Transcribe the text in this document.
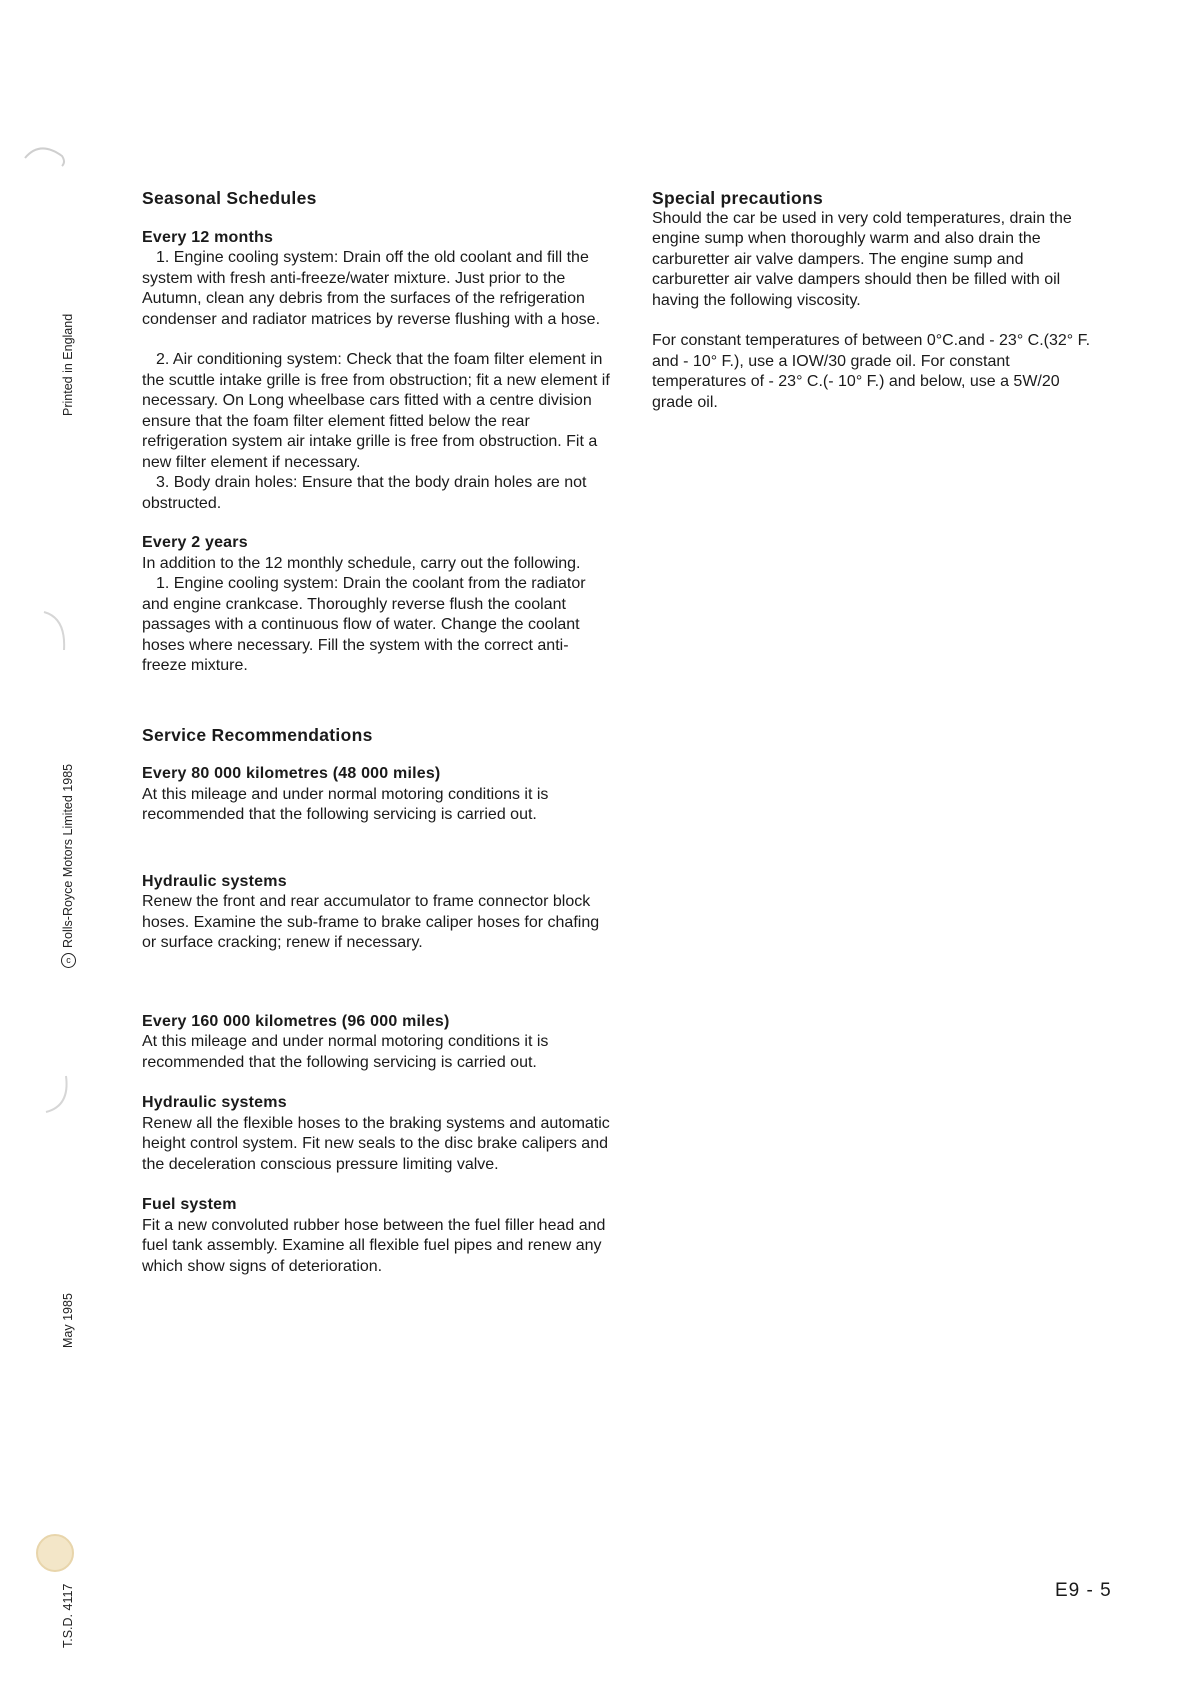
Printed in England
cRolls-Royce Motors Limited 1985
May 1985
T.S.D. 4117
Seasonal Schedules
Every 12 months

1. Engine cooling system: Drain off the old coolant and fill the system with fresh anti-freeze/water mixture. Just prior to the Autumn, clean any debris from the surfaces of the refrigeration condenser and radiator matrices by reverse flushing with a hose.

2. Air conditioning system: Check that the foam filter element in the scuttle intake grille is free from obstruction; fit a new element if necessary. On Long wheelbase cars fitted with a centre division ensure that the foam filter element fitted below the rear refrigeration system air intake grille is free from obstruction. Fit a new filter element if necessary.

3. Body drain holes: Ensure that the body drain holes are not obstructed.

Every 2 years

In addition to the 12 monthly schedule, carry out the following.

1. Engine cooling system: Drain the coolant from the radiator and engine crankcase. Thoroughly reverse flush the coolant passages with a continuous flow of water. Change the coolant hoses where necessary. Fill the system with the correct anti-freeze mixture.

Service Recommendations
Every 80 000 kilometres (48 000 miles)

At this mileage and under normal motoring conditions it is recommended that the following servicing is carried out.

Hydraulic systems

Renew the front and rear accumulator to frame connector block hoses. Examine the sub-frame to brake caliper hoses for chafing or surface cracking; renew if necessary.

Every 160 000 kilometres (96 000 miles)

At this mileage and under normal motoring conditions it is recommended that the following servicing is carried out.

Hydraulic systems

Renew all the flexible hoses to the braking systems and automatic height control system. Fit new seals to the disc brake calipers and the deceleration conscious pressure limiting valve.

Fuel system

Fit a new convoluted rubber hose between the fuel filler head and fuel tank assembly. Examine all flexible fuel pipes and renew any which show signs of deterioration.

Special precautions

Should the car be used in very cold temperatures, drain the engine sump when thoroughly warm and also drain the carburetter air valve dampers. The engine sump and carburetter air valve dampers should then be filled with oil having the following viscosity.

For constant temperatures of between 0°C.and - 23° C.(32° F. and - 10° F.), use a IOW/30 grade oil. For constant temperatures of - 23° C.(- 10° F.) and below, use a 5W/20 grade oil.

E9 - 5
